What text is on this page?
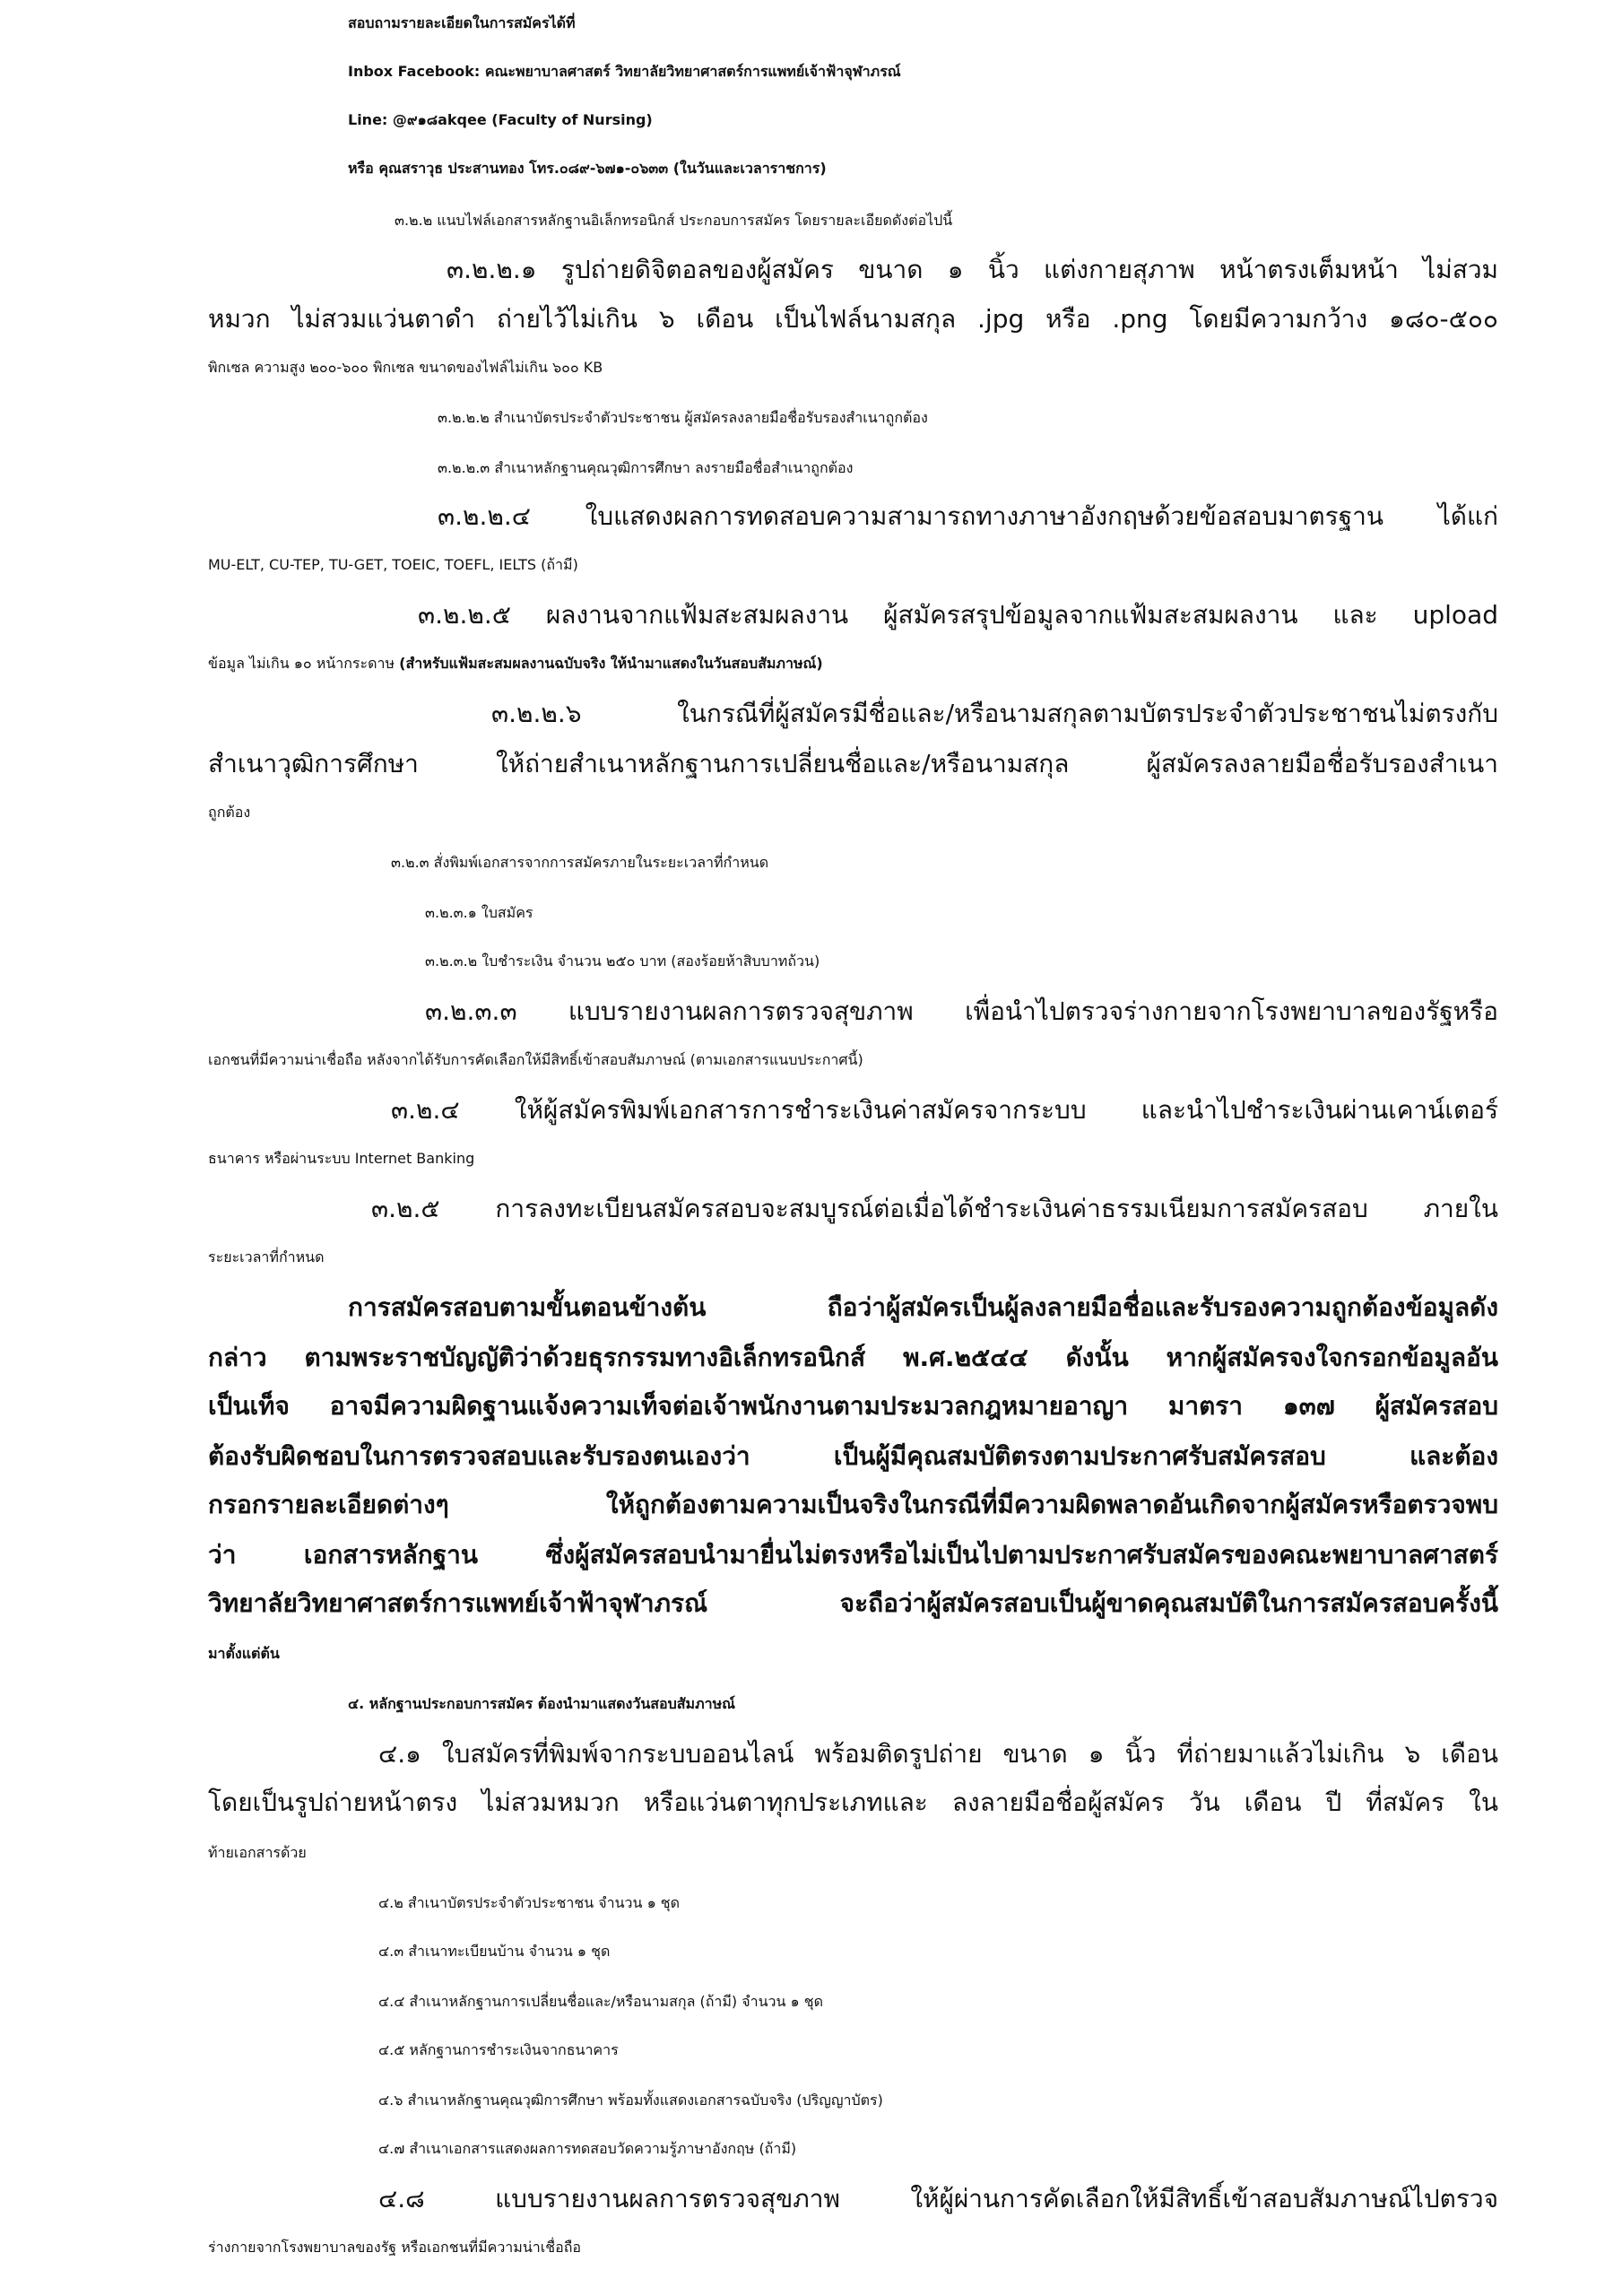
สอบถามรายละเอียดในการสมัครได้ที่
Inbox Facebook: คณะพยาบาลศาสตร์ วิทยาลัยวิทยาศาสตร์การแพทย์เจ้าฟ้าจุฬาภรณ์
Line: @๙๑๘akqee (Faculty of Nursing)
หรือ คุณสราวุธ ประสานทอง โทร.๐๘๙-๖๗๑-๐๖๓๓ (ในวันและเวลาราชการ)
๓.๒.๒ แนบไฟล์เอกสารหลักฐานอิเล็กทรอนิกส์ ประกอบการสมัคร โดยรายละเอียดดังต่อไปนี้
๓.๒.๒.๑ รูปถ่ายดิจิตอลของผู้สมัคร ขนาด ๑ นิ้ว แต่งกายสุภาพ หน้าตรงเต็มหน้า ไม่สวม
หมวก ไม่สวมแว่นตาดำ ถ่ายไว้ไม่เกิน ๖ เดือน เป็นไฟล์นามสกุล .jpg หรือ .png โดยมีความกว้าง ๑๘๐-๕๐๐
พิกเซล ความสูง ๒๐๐-๖๐๐ พิกเซล ขนาดของไฟล์ไม่เกิน ๖๐๐ KB
๓.๒.๒.๒ สำเนาบัตรประจำตัวประชาชน ผู้สมัครลงลายมือชื่อรับรองสำเนาถูกต้อง
๓.๒.๒.๓ สำเนาหลักฐานคุณวุฒิการศึกษา ลงรายมือชื่อสำเนาถูกต้อง
๓.๒.๒.๔ ใบแสดงผลการทดสอบความสามารถทางภาษาอังกฤษด้วยข้อสอบมาตรฐาน ได้แก่
MU-ELT, CU-TEP, TU-GET, TOEIC, TOEFL, IELTS (ถ้ามี)
๓.๒.๒.๕ ผลงานจากแฟ้มสะสมผลงาน ผู้สมัครสรุปข้อมูลจากแฟ้มสะสมผลงาน และ upload
ข้อมูล ไม่เกิน ๑๐ หน้ากระดาษ (สำหรับแฟ้มสะสมผลงานฉบับจริง ให้นำมาแสดงในวันสอบสัมภาษณ์)
๓.๒.๒.๖ ในกรณีที่ผู้สมัครมีชื่อและ/หรือนามสกุลตามบัตรประจำตัวประชาชนไม่ตรงกับ
สำเนาวุฒิการศึกษา ให้ถ่ายสำเนาหลักฐานการเปลี่ยนชื่อและ/หรือนามสกุล ผู้สมัครลงลายมือชื่อรับรองสำเนา
ถูกต้อง
๓.๒.๓ สั่งพิมพ์เอกสารจากการสมัครภายในระยะเวลาที่กำหนด
๓.๒.๓.๑ ใบสมัคร
๓.๒.๓.๒ ใบชำระเงิน จำนวน ๒๕๐ บาท (สองร้อยห้าสิบบาทถ้วน)
๓.๒.๓.๓ แบบรายงานผลการตรวจสุขภาพ เพื่อนำไปตรวจร่างกายจากโรงพยาบาลของรัฐหรือ
เอกชนที่มีความน่าเชื่อถือ หลังจากได้รับการคัดเลือกให้มีสิทธิ์เข้าสอบสัมภาษณ์ (ตามเอกสารแนบประกาศนี้)
๓.๒.๔ ให้ผู้สมัครพิมพ์เอกสารการชำระเงินค่าสมัครจากระบบ และนำไปชำระเงินผ่านเคาน์เตอร์
ธนาคาร หรือผ่านระบบ Internet Banking
๓.๒.๕ การลงทะเบียนสมัครสอบจะสมบูรณ์ต่อเมื่อได้ชำระเงินค่าธรรมเนียมการสมัครสอบ ภายใน
ระยะเวลาที่กำหนด
การสมัครสอบตามขั้นตอนข้างต้น ถือว่าผู้สมัครเป็นผู้ลงลายมือชื่อและรับรองความถูกต้องข้อมูลดัง
กล่าว ตามพระราชบัญญัติว่าด้วยธุรกรรมทางอิเล็กทรอนิกส์ พ.ศ.๒๕๔๔ ดังนั้น หากผู้สมัครจงใจกรอกข้อมูลอัน
เป็นเท็จ อาจมีความผิดฐานแจ้งความเท็จต่อเจ้าพนักงานตามประมวลกฎหมายอาญา มาตรา ๑๓๗ ผู้สมัครสอบ
ต้องรับผิดชอบในการตรวจสอบและรับรองตนเองว่า เป็นผู้มีคุณสมบัติตรงตามประกาศรับสมัครสอบ และต้อง
กรอกรายละเอียดต่างๆ ให้ถูกต้องตามความเป็นจริงในกรณีที่มีความผิดพลาดอันเกิดจากผู้สมัครหรือตรวจพบ
ว่า เอกสารหลักฐาน ซึ่งผู้สมัครสอบนำมายื่นไม่ตรงหรือไม่เป็นไปตามประกาศรับสมัครของคณะพยาบาลศาสตร์
วิทยาลัยวิทยาศาสตร์การแพทย์เจ้าฟ้าจุฬาภรณ์ จะถือว่าผู้สมัครสอบเป็นผู้ขาดคุณสมบัติในการสมัครสอบครั้งนี้
มาตั้งแต่ต้น
๔. หลักฐานประกอบการสมัคร ต้องนำมาแสดงวันสอบสัมภาษณ์
๔.๑ ใบสมัครที่พิมพ์จากระบบออนไลน์ พร้อมติดรูปถ่าย ขนาด ๑ นิ้ว ที่ถ่ายมาแล้วไม่เกิน ๖ เดือน
โดยเป็นรูปถ่ายหน้าตรง ไม่สวมหมวก หรือแว่นตาทุกประเภทและ ลงลายมือชื่อผู้สมัคร วัน เดือน ปี ที่สมัคร ใน
ท้ายเอกสารด้วย
๔.๒ สำเนาบัตรประจำตัวประชาชน จำนวน ๑ ชุด
๔.๓ สำเนาทะเบียนบ้าน จำนวน ๑ ชุด
๔.๔ สำเนาหลักฐานการเปลี่ยนชื่อและ/หรือนามสกุล (ถ้ามี) จำนวน ๑ ชุด
๔.๕ หลักฐานการชำระเงินจากธนาคาร
๔.๖ สำเนาหลักฐานคุณวุฒิการศึกษา พร้อมทั้งแสดงเอกสารฉบับจริง (ปริญญาบัตร)
๔.๗ สำเนาเอกสารแสดงผลการทดสอบวัดความรู้ภาษาอังกฤษ (ถ้ามี)
๔.๘ แบบรายงานผลการตรวจสุขภาพ ให้ผู้ผ่านการคัดเลือกให้มีสิทธิ์เข้าสอบสัมภาษณ์ไปตรวจ
ร่างกายจากโรงพยาบาลของรัฐ หรือเอกชนที่มีความน่าเชื่อถือ
